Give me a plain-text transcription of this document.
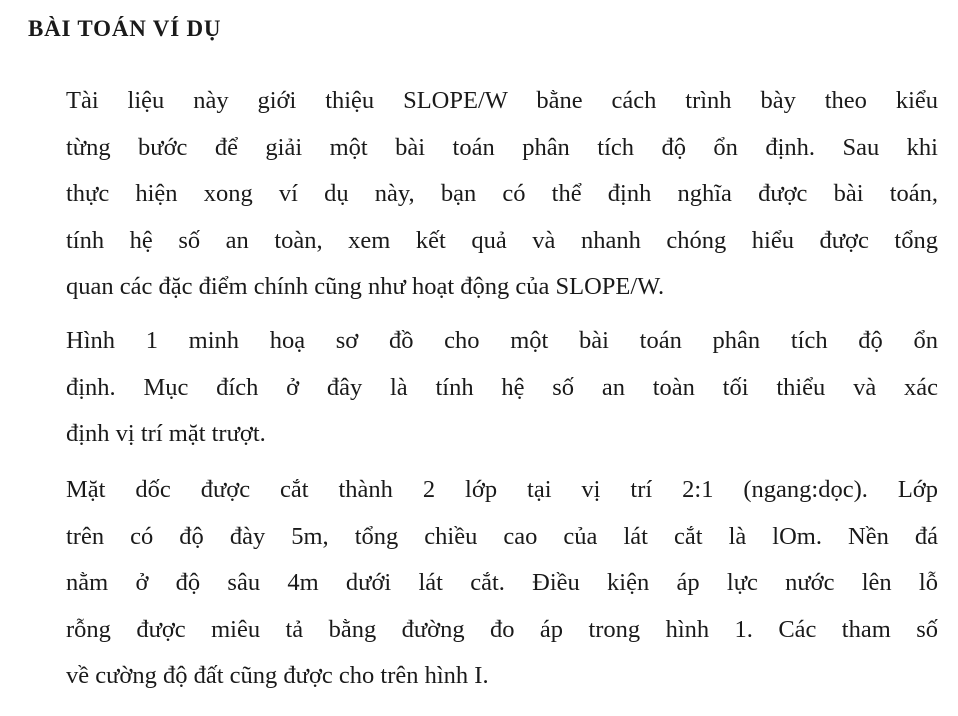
BÀI TOÁN VÍ DỤ
Tài liệu này giới thiệu SLOPE/W bằne cách trình bày theo kiểu
từng bước để giải một bài toán phân tích độ ổn định. Sau khi
thực hiện xong ví dụ này, bạn có thể định nghĩa được bài toán,
tính hệ số an toàn, xem kết quả và nhanh chóng hiểu được tổng
quan các đặc điểm chính cũng như hoạt động của SLOPE/W.
Hình 1 minh hoạ sơ đồ cho một bài toán phân tích độ ổn
định. Mục đích ở đây là tính hệ số an toàn tối thiểu và xác
định vị trí mặt trượt.
Mặt dốc được cắt thành 2 lớp tại vị trí 2:1 (ngang:dọc). Lớp
trên có độ đày 5m, tổng chiều cao của lát cắt là lOm. Nền đá
nằm ở độ sâu 4m dưới lát cắt. Điều kiện áp lực nước lên lỗ
rỗng được miêu tả bằng đường đo áp trong hình 1. Các tham số
về cường độ đất cũng được cho trên hình I.
